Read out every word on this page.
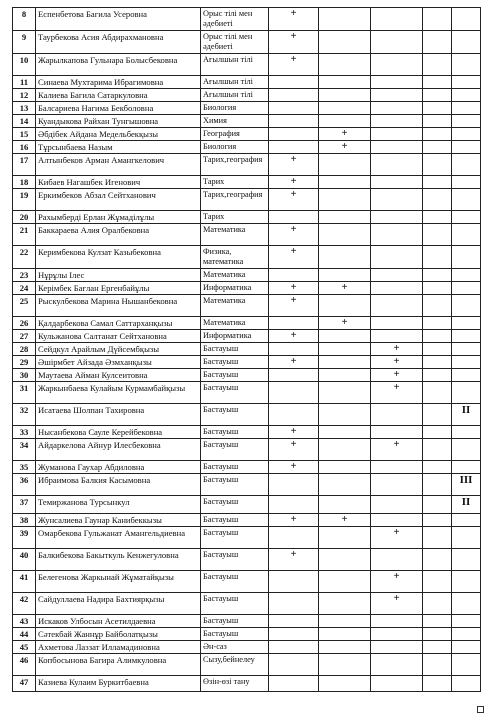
8	Еспенбетова Багила Усеровна	Орыс тілі мен әдебиеті	+				
9	Таурбекова Асия Абдирахмановна	Орыс тілі мен әдебиеті	+				
10	Жарылкапова Гульнара Болысбековна	Ағылшын тілі	+				
11	Синаева Мухтарима Ибрагимовна	Ағылшын тілі					
12	Калиева Багила Сатаркуловна	Ағылшын тілі					
13	Балсариева Нагима Бекболовна	Биология					
14	Куандыкова Райхан Тунгышовна	Химия					
15	Әбдібек Айдана Медельбекқызы	География		+			
16	Тұрсынбаева Назым	Биология		+			
17	Алтынбеков Арман Амангкелович	Тарих,география	+				
18	Кибаев Нагашбек Игенович	Тарих	+				
19	Еркимбеков Абзал Сейтханович	Тарих,география	+				
20	Рахымберді Ерлан Жұмаділұлы	Тарих					
21	Баккараева Алия Оралбековна	Математика	+				
22	Керимбекова Кулзат Казыбековна	Физика, математика	+				
23	Нұрұлы Ілес	Математика					
24	Керімбек Бағлан Ергенбайұлы	Информатика	+	+			
25	Рыскулбекова Марина Нышанбековна	Математика	+				
26	Қалдарбекова Самал Саттарханқызы	Математика		+			
27	Кульжанова Салтанат Сейтхановна	Информатика	+				
28	Сейдкул Арайлым Дүйсембқызы	Бастауыш			+		
29	Әшірмбет Айзада Әзмханқызы	Бастауыш	+		+		
30	Маутаева Айман Кулсеитовна	Бастауыш			+		
31	Жаркынбаева Кулайым Курмамбайқызы	Бастауыш			+		
32	Исатаева Шолпан Тахировна	Бастауыш					II
33	Нысанбекова Сауле Керейбековна	Бастауыш	+				
34	Айдаркелова Айнур Илесбековна	Бастауыш	+		+		
35	Жуманова Гаухар Абдиловна	Бастауыш	+				
36	Ибраимова Балкия Касымовна	Бастауыш					III
37	Темиржанова Турсынкул	Бастауыш					II
38	Жунсалиева Гаунар Канибеккызы	Бастауыш	+	+			
39	Омарбекова Гульжанат Амангельдиевна	Бастауыш			+		
40	Балкибекова Бакыткуль Кенжегуловна	Бастауыш	+				
41	Белегенова Жаркынай Жұматайқызы	Бастауыш			+		
42	Сайдуллаева Надира Бахтиярқызы	Бастауыш			+		
43	Искаков Улбосын Асетилдаевна	Бастауыш					
44	Сәтекбай Жаннұр Байболатқызы	Бастауыш					
45	Ахметова Лаззат Илламадиновна	Ән-сaз					
46	Копбосынова Багира Алимкуловна	Сызу,бейнелеу					
47	Казиева Кулаим Буркитбаевна	Өзін-өзі тану					
